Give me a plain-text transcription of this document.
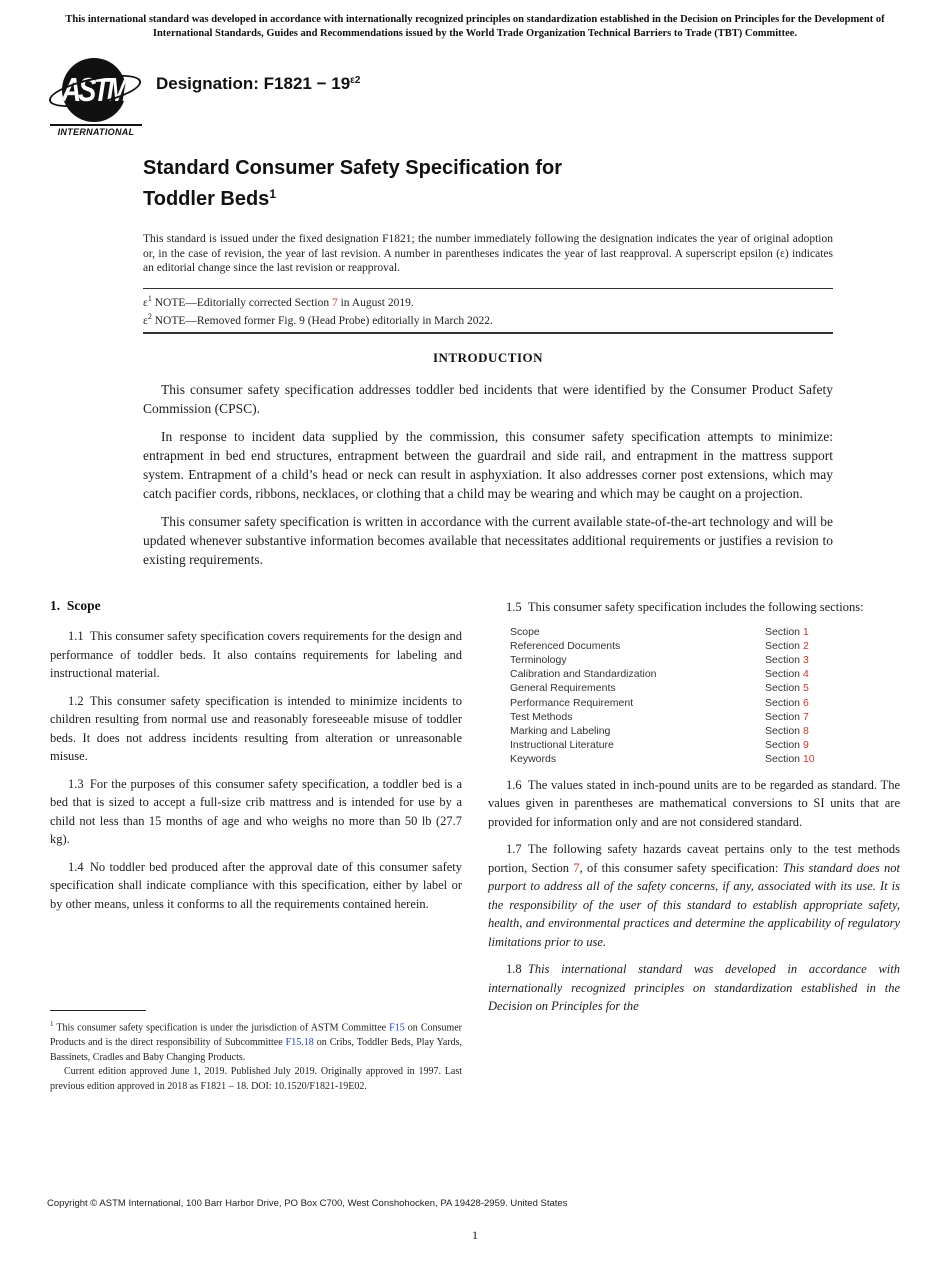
This international standard was developed in accordance with internationally recognized principles on standardization established in the Decision on Principles for the Development of International Standards, Guides and Recommendations issued by the World Trade Organization Technical Barriers to Trade (TBT) Committee.
ASTM
INTERNATIONAL
Designation: $F1821 - 19^{\varepsilon 2}$
Standard Consumer Safety Specification for
Toddler Beds$^1$

This standard is issued under the fixed designation F1821; the number immediately following the designation indicates the year of original adoption or, in the case of revision, the year of last revision. A number in parentheses indicates the year of last reapproval. A superscript epsilon (ε) indicates an editorial change since the last revision or reapproval.

$\varepsilon^1$ NOTE—Editorially corrected Section 7 in August 2019.

$\varepsilon^2$ NOTE—Removed former Fig. 9 (Head Probe) editorially in March 2022.

INTRODUCTION

This consumer safety specification addresses toddler bed incidents that were identified by the Consumer Product Safety Commission (CPSC).

In response to incident data supplied by the commission, this consumer safety specification attempts to minimize: entrapment in bed end structures, entrapment between the guardrail and side rail, and entrapment in the mattress support system. Entrapment of a child’s head or neck can result in asphyxiation. It also addresses corner post extensions, which may catch pacifier cords, ribbons, necklaces, or clothing that a child may be wearing and which may be caught on a projection.

This consumer safety specification is written in accordance with the current available state-of-the-art technology and will be updated whenever substantive information becomes available that necessitates additional requirements or justifies a revision to existing requirements.

1. Scope

1.1 This consumer safety specification covers requirements for the design and performance of toddler beds. It also contains requirements for labeling and instructional material.

1.2 This consumer safety specification is intended to minimize incidents to children resulting from normal use and reasonably foreseeable misuse of toddler beds. It does not address incidents resulting from alteration or unreasonable misuse.

1.3 For the purposes of this consumer safety specification, a toddler bed is a bed that is sized to accept a full-size crib mattress and is intended for use by a child not less than 15 months of age and who weighs no more than 50 lb (27.7 kg).

1.4 No toddler bed produced after the approval date of this consumer safety specification shall indicate compliance with this specification, either by label or by other means, unless it conforms to all the requirements contained herein.

$^1$ This consumer safety specification is under the jurisdiction of ASTM Committee F15 on Consumer Products and is the direct responsibility of Subcommittee F15.18 on Cribs, Toddler Beds, Play Yards, Bassinets, Cradles and Baby Changing Products.

Current edition approved June 1, 2019. Published July 2019. Originally approved in 1997. Last previous edition approved in 2018 as F1821 – 18. DOI: 10.1520/F1821-19E02.

1.5 This consumer safety specification includes the following sections:

Scope	Section 1
Referenced Documents	Section 2
Terminology	Section 3
Calibration and Standardization	Section 4
General Requirements	Section 5
Performance Requirement	Section 6
Test Methods	Section 7
Marking and Labeling	Section 8
Instructional Literature	Section 9
Keywords	Section 10

1.6 The values stated in inch-pound units are to be regarded as standard. The values given in parentheses are mathematical conversions to SI units that are provided for information only and are not considered standard.

1.7 The following safety hazards caveat pertains only to the test methods portion, Section 7, of this consumer safety specification: This standard does not purport to address all of the safety concerns, if any, associated with its use. It is the responsibility of the user of this standard to establish appropriate safety, health, and environmental practices and determine the applicability of regulatory limitations prior to use.

1.8 This international standard was developed in accordance with internationally recognized principles on standardization established in the Decision on Principles for the

Copyright © ASTM International, 100 Barr Harbor Drive, PO Box C700, West Conshohocken, PA 19428-2959. United States
1
